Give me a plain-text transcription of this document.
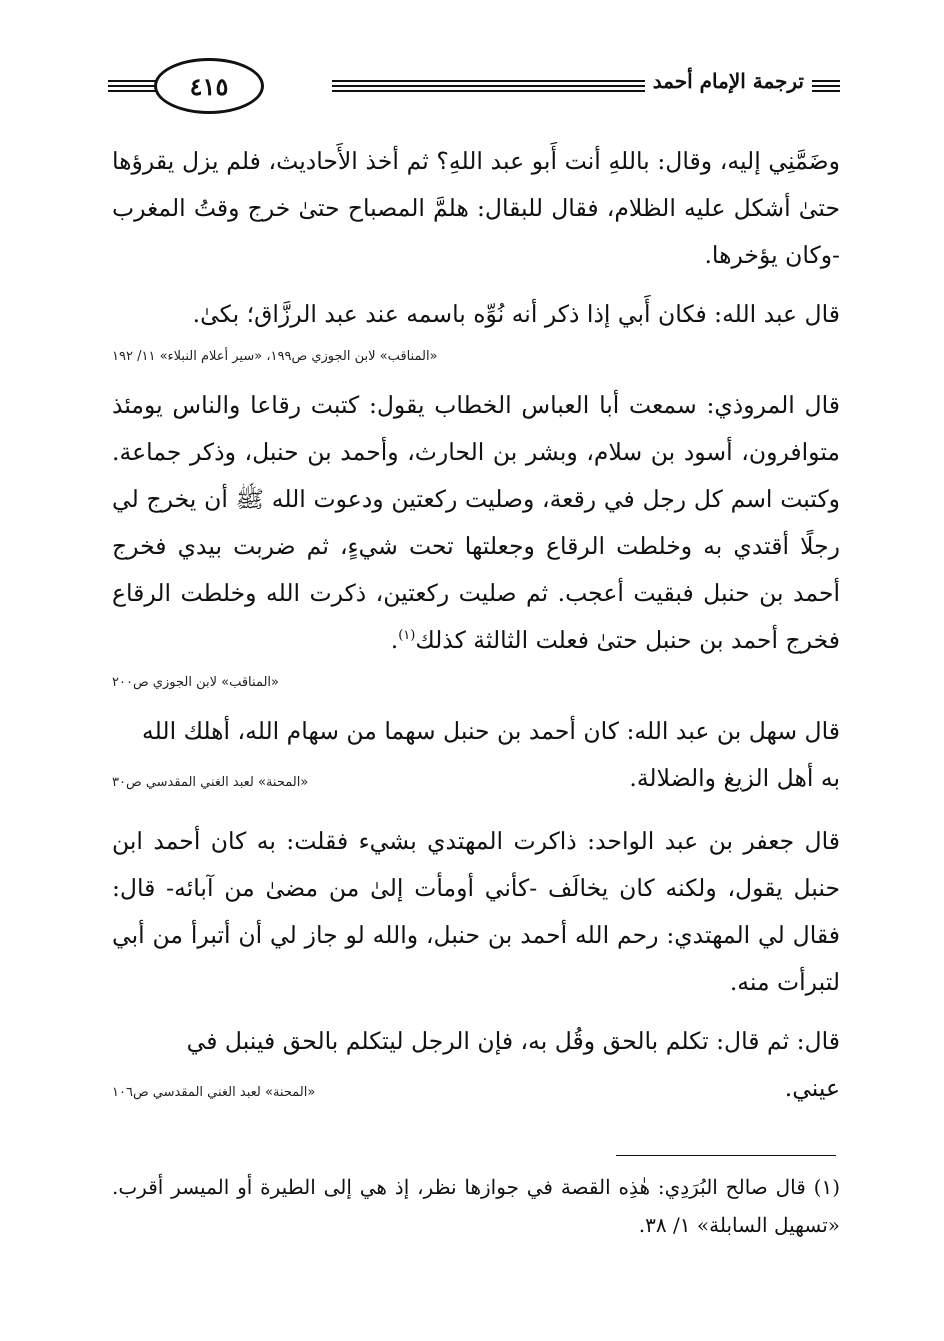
٤١٥	ترجمة الإمام أحمد

وضَمَّنِي إليه، وقال: باللهِ أنت أَبو عبد اللهِ؟ ثم أخذ الأَحاديث، فلم يزل يقرؤها حتىٰ أشكل عليه الظلام، فقال للبقال: هلمَّ المصباح حتىٰ خرج وقتُ المغرب -وكان يؤخرها.

قال عبد الله: فكان أَبي إذا ذكر أنه نُوِّه باسمه عند عبد الرزَّاق؛ بكىٰ.

«المناقب» لابن الجوزي ص١٩٩، «سير أعلام النبلاء» ١١/ ١٩٢

قال المروذي: سمعت أبا العباس الخطاب يقول: كتبت رقاعا والناس يومئذ متوافرون، أسود بن سلام، وبشر بن الحارث، وأحمد بن حنبل، وذكر جماعة. وكتبت اسم كل رجل في رقعة، وصليت ركعتين ودعوت الله ﷺ أن يخرج لي رجلًا أقتدي به وخلطت الرقاع وجعلتها تحت شيءٍ، ثم ضربت بيدي فخرج أحمد بن حنبل فبقيت أعجب. ثم صليت ركعتين، ذكرت الله وخلطت الرقاع فخرج أحمد بن حنبل حتىٰ فعلت الثالثة كذلك$^{(١)}$.

«المناقب» لابن الجوزي ص٢٠٠

قال سهل بن عبد الله: كان أحمد بن حنبل سهما من سهام الله، أهلك الله

به أهل الزيغ والضلالة.
«المحنة» لعبد الغني المقدسي ص٣٠

قال جعفر بن عبد الواحد: ذاكرت المهتدي بشيء فقلت: به كان أحمد ابن حنبل يقول، ولكنه كان يخالَف -كأني أومأت إلىٰ من مضىٰ من آبائه- قال: فقال لي المهتدي: رحم الله أحمد بن حنبل، والله لو جاز لي أن أتبرأ من أبي لتبرأت منه.

قال: ثم قال: تكلم بالحق وقُل به، فإن الرجل ليتكلم بالحق فينبل في

عيني.
«المحنة» لعبد الغني المقدسي ص١٠٦
(١) قال صالح البُرَدِي: هٰذِه القصة في جوازها نظر، إذ هي إلى الطيرة أو الميسر أقرب. «تسهيل السابلة» ١/ ٣٨.
